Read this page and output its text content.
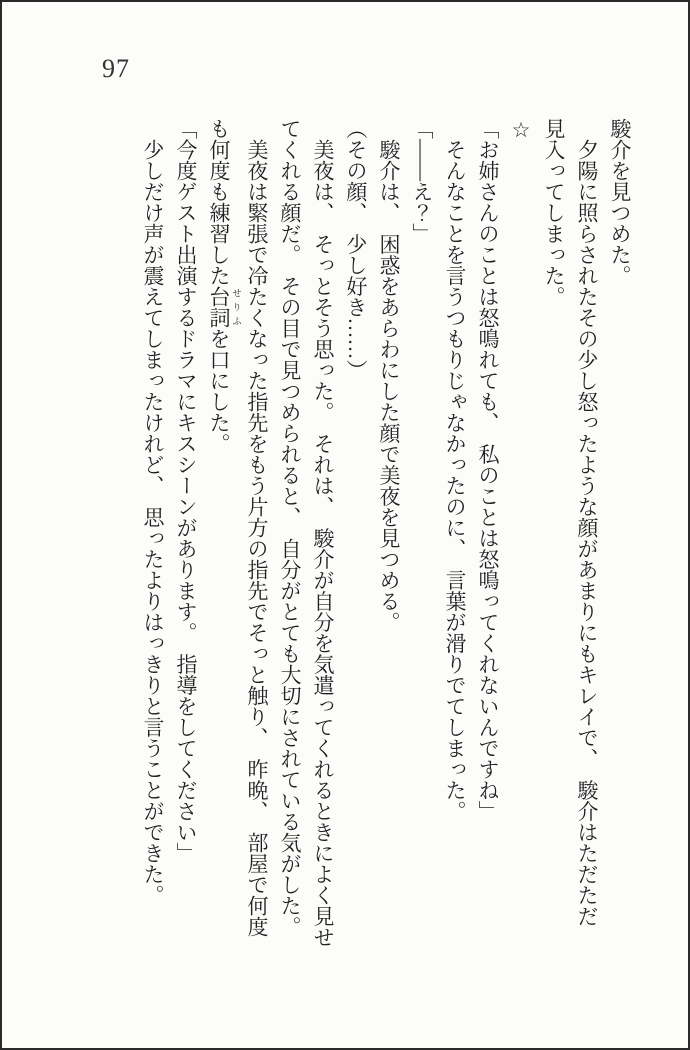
97

駿介を見つめた。

　夕陽に照らされたその少し怒ったような顔があまりにもキレイで、　駿介はただただ

見入ってしまった。

☆

「お姉さんのことは怒鳴れても、　私のことは怒鳴ってくれないんですね」

　そんなことを言うつもりじゃなかったのに、　言葉が滑りでてしまった。

「――え？」

　駿介は、　困惑をあらわにした顔で美夜を見つめる。

（その顔、　少し好き……）

　美夜は、　そっとそう思った。　それは、　駿介が自分を気遣ってくれるときによく見せ

てくれる顔だ。　その目で見つめられると、　自分がとても大切にされている気がした。

　美夜は緊張で冷たくなった指先をもう片方の指先でそっと触り、　昨晩、　部屋で何度

も何度も練習した台詞 せりふを口にした。

「今度ゲスト出演するドラマにキスシーンがあります。　指導をしてください」

　少しだけ声が震えてしまったけれど、　思ったよりはっきりと言うことができた。
